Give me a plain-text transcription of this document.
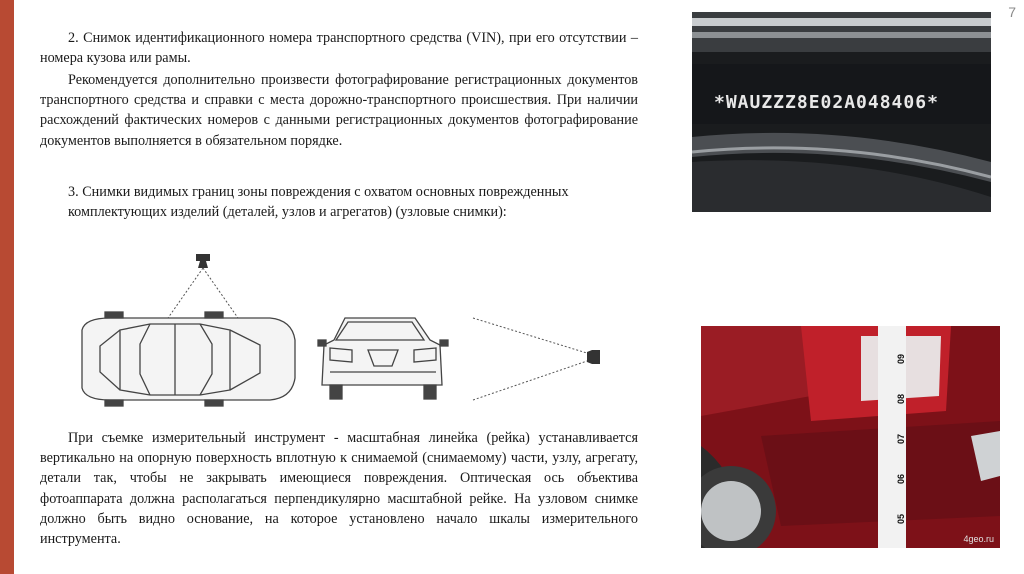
7

2. Снимок идентификационного номера транспортного средства (VIN), при его отсутствии – номера кузова или рамы.

Рекомендуется дополнительно произвести фотографирование регистрационных документов транспортного средства и справки с места дорожно-транспортного происшествия. При наличии расхождений фактических номеров с данными регистрационных документов фотографирование документов выполняется в обязательном порядке.

3. Снимки видимых границ зоны повреждения с охватом основных поврежденных комплектующих изделий (деталей, узлов и агрегатов) (узловые снимки):

При съемке измерительный инструмент - масштабная линейка (рейка) устанавливается вертикально на опорную поверхность вплотную к снимаемой (снимаемому) части, узлу, агрегату, детали так, чтобы не закрывать имеющиеся повреждения. Оптическая ось объектива фотоаппарата должна располагаться перпендикулярно масштабной рейке. На узловом снимке должно быть видно основание, на которое установлено начало шкалы измерительного инструмента.

*WAUZZZ8E02A048406*
09
08
07
06
05
4geo.ru
